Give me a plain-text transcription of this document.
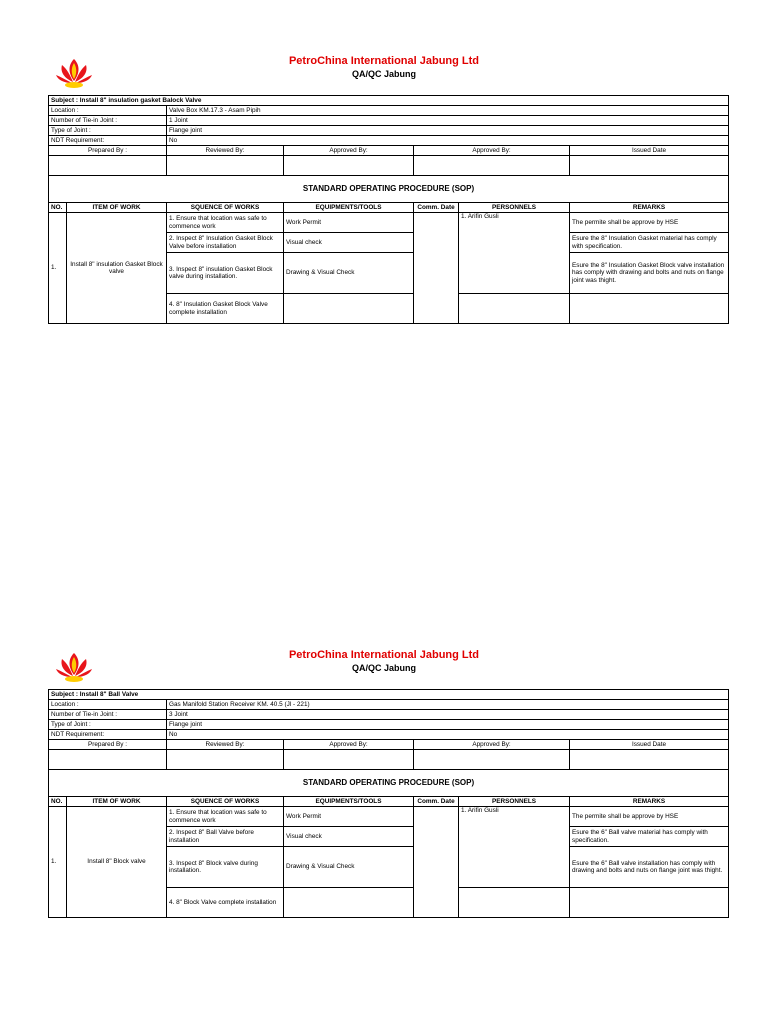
PetroChina International Jabung Ltd
QA/QC Jabung
Subject : Install 8" insulation gasket Balock Valve						
Location :		Valve Box KM.17.3 - Asam Pipih				
Number of Tie-in Joint :		1 Joint				
Type of Joint :		Flange joint				
NDT Requirement:		No				
Prepared By :		Reviewed By:	Approved By:	Approved By:		Issued Date

STANDARD OPERATING PROCEDURE (SOP)						
NO.	ITEM OF WORK	SQUENCE OF WORKS	EQUIPMENTS/TOOLS	Comm. Date	PERSONNELS	REMARKS
1.	Install 8" insulation Gasket Block valve	1. Ensure that location was safe to commence work	Work Permit		1. Arifin Gusli	The permite shall be approve by HSE
		2. Inspect 8" Insulation Gasket Block Valve before installation	Visual check			Esure the 8" Insulation Gasket material has comply with specification.
		3. Inspect 8" insulation Gasket Block valve during installation.	Drawing & Visual Check			Esure the 8" Insulation Gasket Block valve installation has comply with drawing and bolts and nuts on flange joint was thight.
		4. 8" Insulation Gasket Block Valve complete installation				
PetroChina International Jabung Ltd
QA/QC Jabung
Subject : Install 8" Ball Valve						
Location :		Gas Manifold Station Receiver KM. 40.5 (Jl - 221)				
Number of Tie-in Joint :		3 Joint				
Type of Joint :		Flange joint				
NDT Requirement:		No				
Prepared By :		Reviewed By:	Approved By:	Approved By:		Issued Date

STANDARD OPERATING PROCEDURE (SOP)						
NO.	ITEM OF WORK	SQUENCE OF WORKS	EQUIPMENTS/TOOLS	Comm. Date	PERSONNELS	REMARKS
1.	Install 8" Block valve	1. Ensure that location was safe to commence work	Work Permit		1. Arifin Gusli	The permite shall be approve by HSE
		2. Inspect 8" Ball Valve before installation	Visual check			Esure the 6" Ball valve material has comply with specification.
		3. Inspect 8" Block valve during installation.	Drawing & Visual Check			Esure the 6" Ball valve installation has comply with drawing and bolts and nuts on flange joint was thight.
		4. 8" Block Valve complete installation				
